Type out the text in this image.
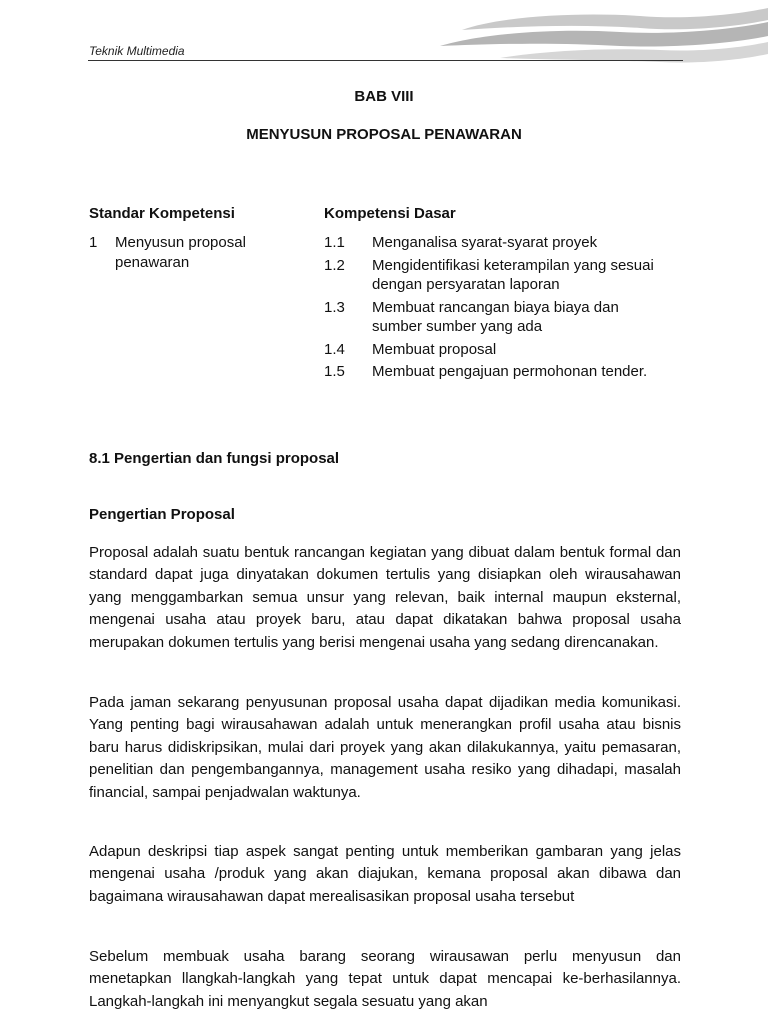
Teknik Multimedia
BAB VIII
MENYUSUN PROPOSAL PENAWARAN
Standar Kompetensi	Kompetensi Dasar
1	Menyusun proposal penawaran
1.1	Menganalisa syarat-syarat proyek
1.2	Mengidentifikasi keterampilan yang sesuai dengan persyaratan laporan
1.3	Membuat rancangan biaya biaya dan sumber sumber yang ada
1.4	Membuat proposal
1.5	Membuat pengajuan permohonan tender.
8.1 Pengertian dan fungsi proposal
Pengertian Proposal

Proposal adalah suatu bentuk rancangan kegiatan yang dibuat dalam bentuk formal dan standard dapat juga dinyatakan dokumen tertulis yang disiapkan oleh wirausahawan yang menggambarkan semua unsur yang relevan, baik internal maupun eksternal, mengenai usaha atau proyek baru, atau dapat dikatakan bahwa proposal usaha merupakan dokumen tertulis yang berisi mengenai usaha yang sedang direncanakan.

Pada jaman sekarang penyusunan proposal usaha dapat dijadikan media komunikasi. Yang penting bagi wirausahawan adalah untuk menerangkan profil usaha atau bisnis baru harus didiskripsikan, mulai dari proyek yang akan dilakukannya, yaitu pemasaran, penelitian dan pengembangannya, management usaha resiko yang dihadapi, masalah financial, sampai penjadwalan waktunya.

Adapun deskripsi tiap aspek sangat penting untuk memberikan gambaran yang jelas mengenai usaha /produk yang akan diajukan, kemana proposal akan dibawa dan bagaimana wirausahawan dapat merealisasikan proposal usaha tersebut

Sebelum membuak usaha barang seorang wirausawan perlu menyusun dan menetapkan llangkah-langkah yang tepat untuk dapat mencapai ke-berhasilannya. Langkah-langkah ini menyangkut segala sesuatu yang akan
